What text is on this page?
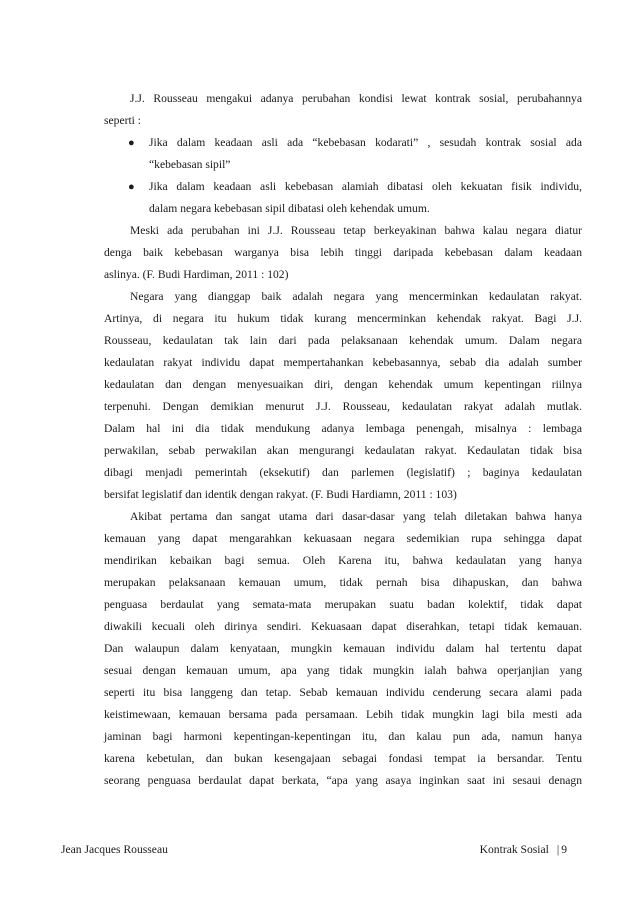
J.J. Rousseau mengakui adanya perubahan kondisi lewat kontrak sosial, perubahannya
seperti :
● Jika dalam keadaan asli ada “kebebasan kodarati” , sesudah kontrak sosial ada
“kebebasan sipil”
● Jika dalam keadaan asli kebebasan alamiah dibatasi oleh kekuatan fisik individu,
dalam negara kebebasan sipil dibatasi oleh kehendak umum.
Meski ada perubahan ini J.J. Rousseau tetap berkeyakinan bahwa kalau negara diatur
denga baik kebebasan warganya bisa lebih tinggi daripada kebebasan dalam keadaan
aslinya. (F. Budi Hardiman, 2011 : 102)
Negara yang dianggap baik adalah negara yang mencerminkan kedaulatan rakyat.
Artinya, di negara itu hukum tidak kurang mencerminkan kehendak rakyat. Bagi J.J.
Rousseau, kedaulatan tak lain dari pada pelaksanaan kehendak umum. Dalam negara
kedaulatan rakyat individu dapat mempertahankan kebebasannya, sebab dia adalah sumber
kedaulatan dan dengan menyesuaikan diri, dengan kehendak umum kepentingan riilnya
terpenuhi. Dengan demikian menurut J.J. Rousseau, kedaulatan rakyat adalah mutlak.
Dalam hal ini dia tidak mendukung adanya lembaga penengah, misalnya : lembaga
perwakilan, sebab perwakilan akan mengurangi kedaulatan rakyat. Kedaulatan tidak bisa
dibagi menjadi pemerintah (eksekutif) dan parlemen (legislatif) ; baginya kedaulatan
bersifat legislatif dan identik dengan rakyat. (F. Budi Hardiamn, 2011 : 103)
Akibat pertama dan sangat utama dari dasar-dasar yang telah diletakan bahwa hanya
kemauan yang dapat mengarahkan kekuasaan negara sedemikian rupa sehingga dapat
mendirikan kebaikan bagi semua. Oleh Karena itu, bahwa kedaulatan yang hanya
merupakan pelaksanaan kemauan umum, tidak pernah bisa dihapuskan, dan bahwa
penguasa berdaulat yang semata-mata merupakan suatu badan kolektif, tidak dapat
diwakili kecuali oleh dirinya sendiri. Kekuasaan dapat diserahkan, tetapi tidak kemauan.
Dan walaupun dalam kenyataan, mungkin kemauan individu dalam hal tertentu dapat
sesuai dengan kemauan umum, apa yang tidak mungkin ialah bahwa operjanjian yang
seperti itu bisa langgeng dan tetap. Sebab kemauan individu cenderung secara alami pada
keistimewaan, kemauan bersama pada persamaan. Lebih tidak mungkin lagi bila mesti ada
jaminan bagi harmoni kepentingan-kepentingan itu, dan kalau pun ada, namun hanya
karena kebetulan, dan bukan kesengajaan sebagai fondasi tempat ia bersandar. Tentu
seorang penguasa berdaulat dapat berkata, “apa yang asaya inginkan saat ini sesaui denagn
Jean Jacques Rousseau	Kontrak Sosial | 9
